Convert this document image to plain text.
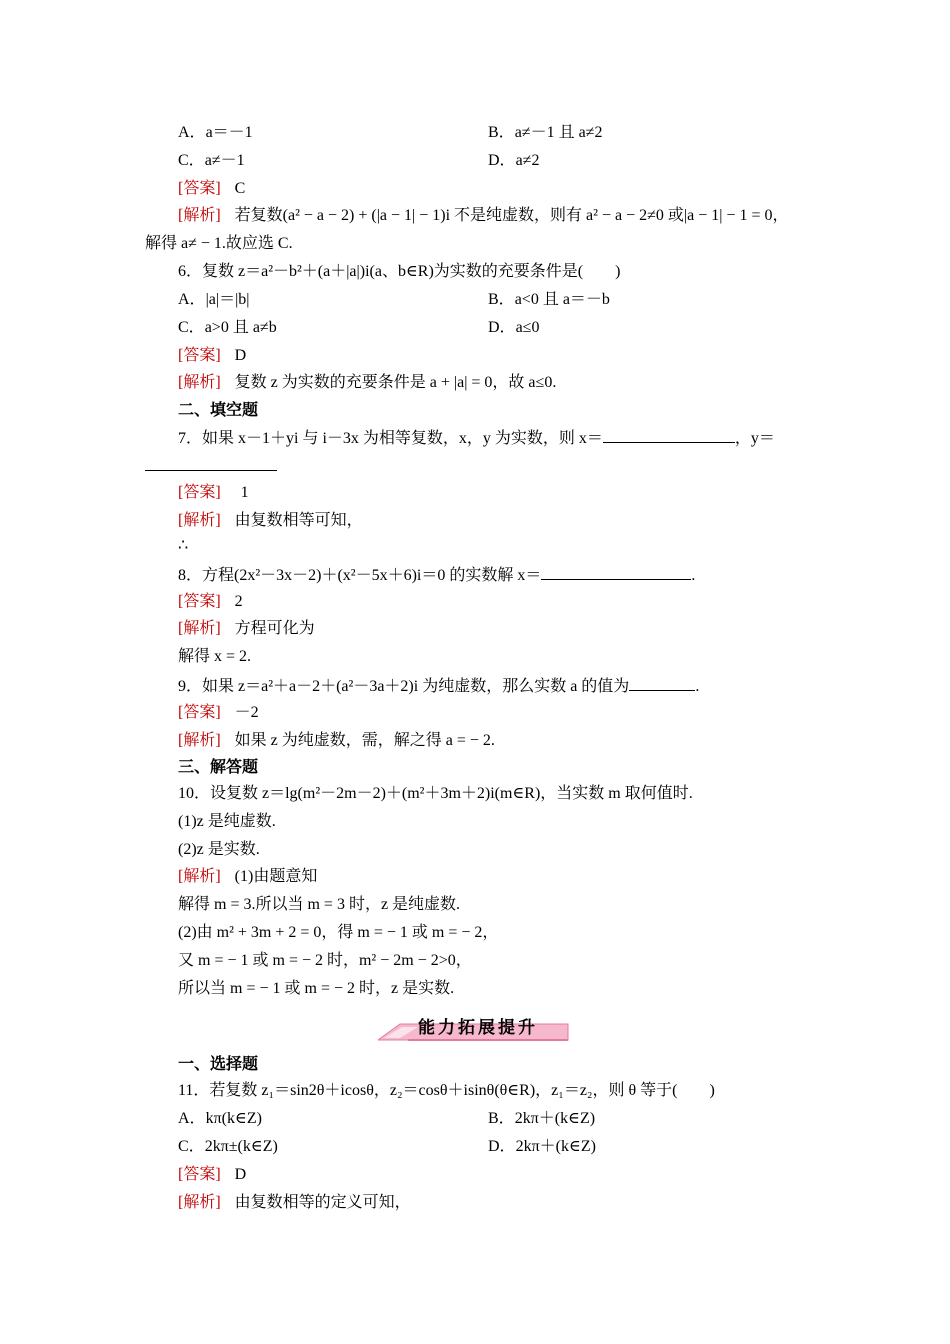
A．a＝－1	B．a≠－1 且 a≠2
C．a≠－1	D．a≠2
[答案] C
[解析] 若复数(a² − a − 2) + (|a − 1| − 1)i 不是纯虚数，则有 a² − a − 2≠0 或|a − 1| − 1 = 0，
解得 a≠ − 1.故应选 C.
6．复数 z＝a²－b²＋(a＋|a|)i(a、b∈R)为实数的充要条件是(　　)
A．|a|＝|b|	B．a<0 且 a＝－b
C．a>0 且 a≠b	D．a≤0
[答案] D
[解析] 复数 z 为实数的充要条件是 a + |a| = 0，故 a≤0.
二、填空题
7．如果 x－1＋yi 与 i－3x 为相等复数，x，y 为实数，则 x＝	，y＝
[答案] 1
[解析] 由复数相等可知，
∴
8．方程(2x²－3x－2)＋(x²－5x＋6)i＝0 的实数解 x＝	.
[答案] 2
[解析] 方程可化为
解得 x = 2.
9．如果 z＝a²＋a－2＋(a²－3a＋2)i 为纯虚数，那么实数 a 的值为	.
[答案] －2
[解析] 如果 z 为纯虚数，需，解之得 a = − 2.
三、解答题
10．设复数 z＝lg(m²－2m－2)＋(m²＋3m＋2)i(m∈R)，当实数 m 取何值时.
(1)z 是纯虚数.
(2)z 是实数.
[解析] (1)由题意知
解得 m = 3.所以当 m = 3 时，z 是纯虚数.
(2)由 m² + 3m + 2 = 0，得 m = − 1 或 m = − 2，
又 m = − 1 或 m = − 2 时，m² − 2m − 2>0，
所以当 m = − 1 或 m = − 2 时，z 是实数.
能力拓展提升
一、选择题
11．若复数 z₁＝sin2θ＋icosθ，z₂＝cosθ＋isinθ(θ∈R)，z₁＝z₂，则 θ 等于(　　)
A．kπ(k∈Z)	B．2kπ＋(k∈Z)
C．2kπ±(k∈Z)	D．2kπ＋(k∈Z)
[答案] D
[解析] 由复数相等的定义可知，
